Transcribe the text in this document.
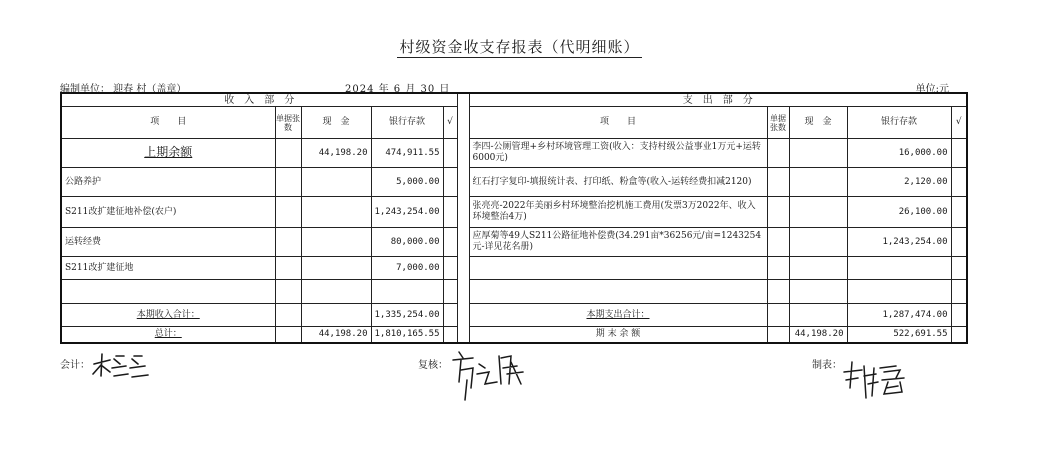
村级资金收支存报表（代明细账）
编制单位： 迎春 村（盖章）	2024 年 6 月 30 日	单位:元
收　入　部　分						支　出　部　分				
项　　目	单据张数	现　金	银行存款	√		项　　目	单据张数	现　金	银行存款	√
上期余额		44,198.20	474,911.55			李四-公厕管理+乡村环境管理工资(收入：支持村级公益事业1万元+运转6000元)			16,000.00	
公路养护			5,000.00			红石打字复印-填报统计表、打印纸、粉盒等(收入-运转经费扣减2120)			2,120.00	
S211改扩建征地补偿(农户)			1,243,254.00			张亮亮-2022年美丽乡村环境整治挖机施工费用(发票3万2022年、收入环境整治4万)			26,100.00	
运转经费			80,000.00			应厚菊等49人S211公路征地补偿费(34.291亩*36256元/亩=1243254元-详见花名册)			1,243,254.00	
S211改扩建征地			7,000.00							

本期收入合计：			1,335,254.00			本期支出合计：			1,287,474.00	
总计：		44,198.20	1,810,165.55			期 末 余 额		44,198.20	522,691.55	
会计：	复核：	制表：
